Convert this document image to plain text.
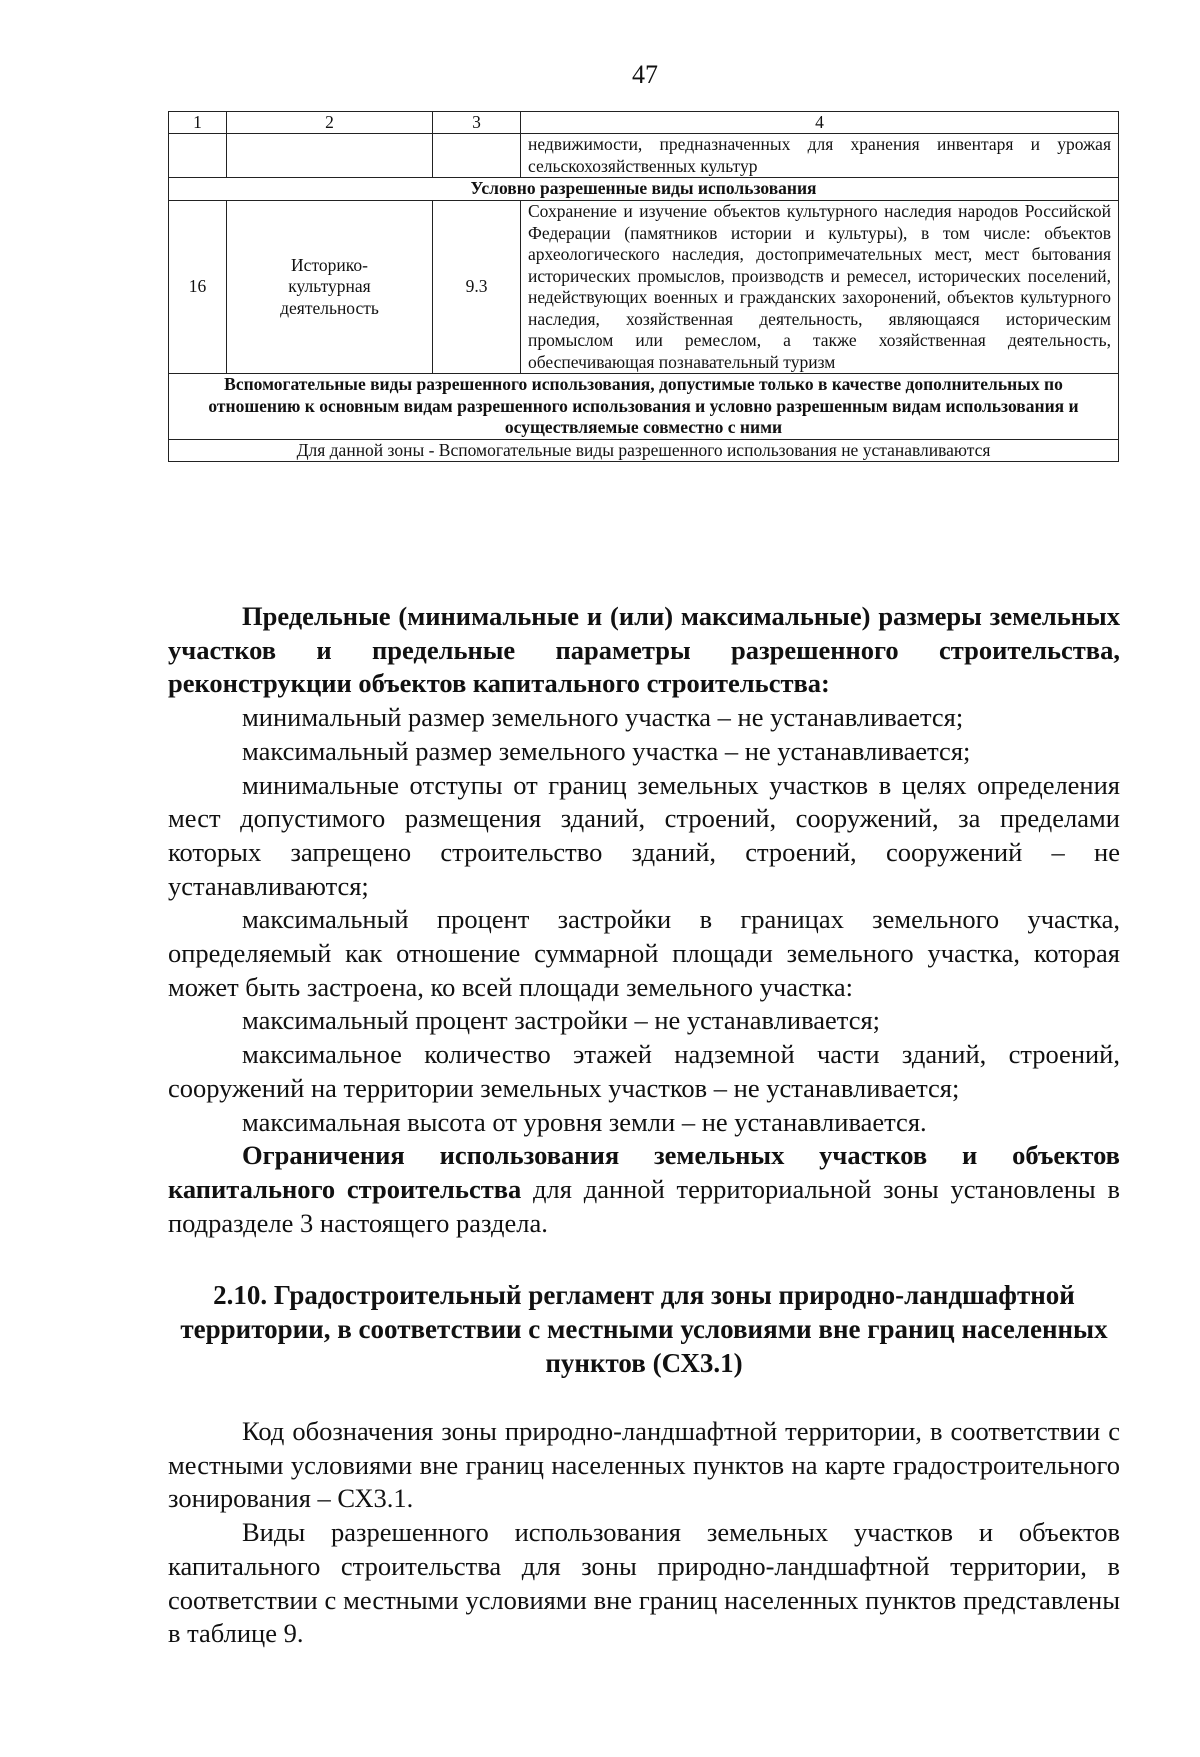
47
1	2	3	4
			недвижимости, предназначенных для хранения инвентаря и урожая сельскохозяйственных культур
Условно разрешенные виды использования			
16	Историко-культурная деятельность	9.3	Сохранение и изучение объектов культурного наследия народов Российской Федерации (памятников истории и культуры), в том числе: объектов археологического наследия, достопримечательных мест, мест бытования исторических промыслов, производств и ремесел, исторических поселений, недействующих военных и гражданских захоронений, объектов культурного наследия, хозяйственная деятельность, являющаяся историческим промыслом или ремеслом, а также хозяйственная деятельность, обеспечивающая познавательный туризм
Вспомогательные виды разрешенного использования, допустимые только в качестве дополнительных по отношению к основным видам разрешенного использования и условно разрешенным видам использования и осуществляемые совместно с ними			
Для данной зоны - Вспомогательные виды разрешенного использования не устанавливаются			

Предельные (минимальные и (или) максимальные) размеры земельных участков и предельные параметры разрешенного строительства, реконструкции объектов капитального строительства:

минимальный размер земельного участка – не устанавливается;

максимальный размер земельного участка – не устанавливается;

минимальные отступы от границ земельных участков в целях определения мест допустимого размещения зданий, строений, сооружений, за пределами которых запрещено строительство зданий, строений, сооружений – не устанавливаются;

максимальный процент застройки в границах земельного участка, определяемый как отношение суммарной площади земельного участка, которая может быть застроена, ко всей площади земельного участка:

максимальный процент застройки – не устанавливается;

максимальное количество этажей надземной части зданий, строений, сооружений на территории земельных участков – не устанавливается;

максимальная высота от уровня земли – не устанавливается.

Ограничения использования земельных участков и объектов капитального строительства для данной территориальной зоны установлены в подразделе 3 настоящего раздела.

2.10. Градостроительный регламент для зоны природно-ландшафтной территории, в соответствии с местными условиями вне границ населенных пунктов (СХ3.1)

Код обозначения зоны природно-ландшафтной территории, в соответствии с местными условиями вне границ населенных пунктов на карте градостроительного зонирования – СХ3.1.

Виды разрешенного использования земельных участков и объектов капитального строительства для зоны природно-ландшафтной территории, в соответствии с местными условиями вне границ населенных пунктов представлены в таблице 9.
